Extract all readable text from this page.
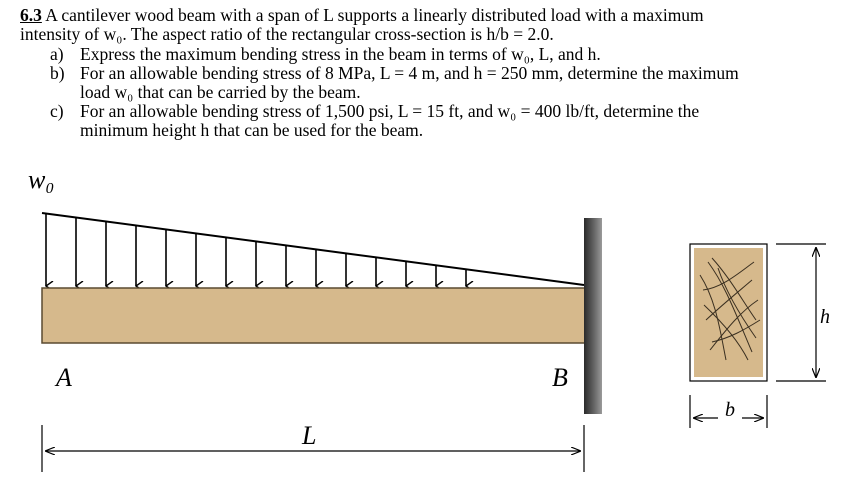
6.3 A cantilever wood beam with a span of L supports a linearly distributed load with a maximum
intensity of w₀. The aspect ratio of the rectangular cross-section is h/b = 2.0.

a) Express the maximum bending stress in the beam in terms of w₀, L, and h.
b) For an allowable bending stress of 8 MPa, L = 4 m, and h = 250 mm, determine the maximum
load w₀ that can be carried by the beam.
c) For an allowable bending stress of 1,500 psi, L = 15 ft, and w₀ = 400 lb/ft, determine the
minimum height h that can be used for the beam.
w₀
A	B
L
h
b
